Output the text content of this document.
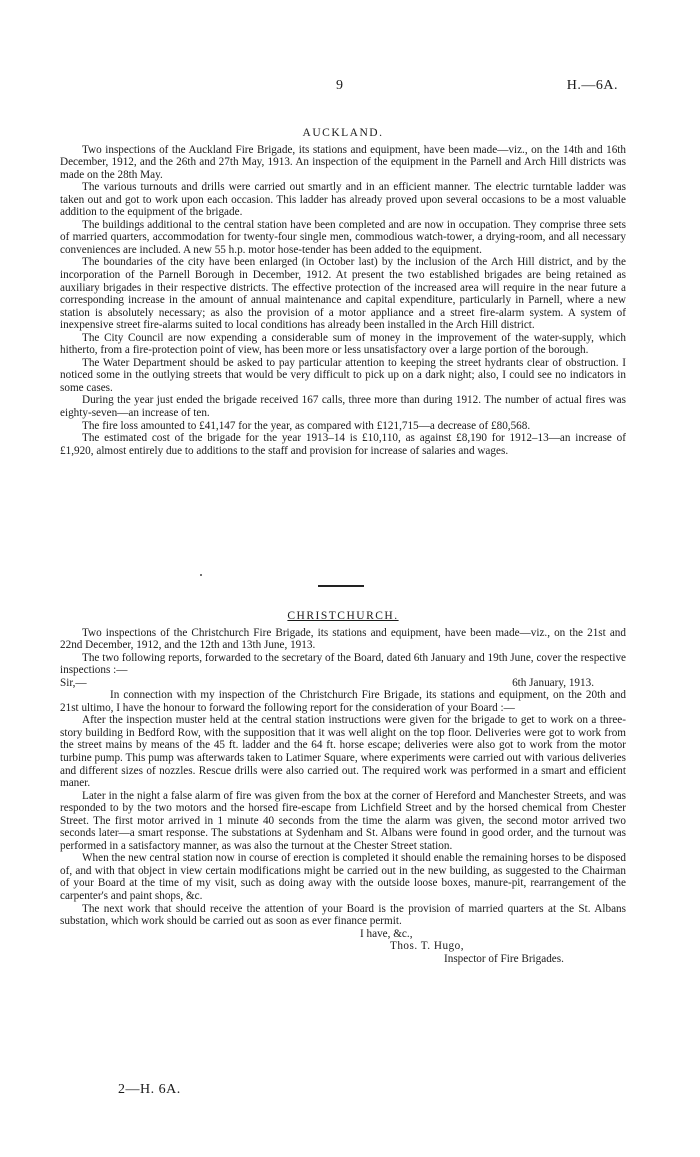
9	H.—6A.
AUCKLAND.

Two inspections of the Auckland Fire Brigade, its stations and equipment, have been made—viz., on the 14th and 16th December, 1912, and the 26th and 27th May, 1913. An inspection of the equipment in the Parnell and Arch Hill districts was made on the 28th May.

The various turnouts and drills were carried out smartly and in an efficient manner. The electric turntable ladder was taken out and got to work upon each occasion. This ladder has already proved upon several occasions to be a most valuable addition to the equipment of the brigade.

The buildings additional to the central station have been completed and are now in occupation. They comprise three sets of married quarters, accommodation for twenty-four single men, commodious watch-tower, a drying-room, and all necessary conveniences are included. A new 55 h.p. motor hose-tender has been added to the equipment.

The boundaries of the city have been enlarged (in October last) by the inclusion of the Arch Hill district, and by the incorporation of the Parnell Borough in December, 1912. At present the two established brigades are being retained as auxiliary brigades in their respective districts. The effective protection of the increased area will require in the near future a corresponding increase in the amount of annual maintenance and capital expenditure, particularly in Parnell, where a new station is absolutely necessary; as also the provision of a motor appliance and a street fire-alarm system. A system of inexpensive street fire-alarms suited to local conditions has already been installed in the Arch Hill district.

The City Council are now expending a considerable sum of money in the improvement of the water-supply, which hitherto, from a fire-protection point of view, has been more or less unsatisfactory over a large portion of the borough.

The Water Department should be asked to pay particular attention to keeping the street hydrants clear of obstruction. I noticed some in the outlying streets that would be very difficult to pick up on a dark night; also, I could see no indicators in some cases.

During the year just ended the brigade received 167 calls, three more than during 1912. The number of actual fires was eighty-seven—an increase of ten.

The fire loss amounted to £41,147 for the year, as compared with £121,715—a decrease of £80,568.

The estimated cost of the brigade for the year 1913–14 is £10,110, as against £8,190 for 1912–13—an increase of £1,920, almost entirely due to additions to the staff and provision for increase of salaries and wages.

CHRISTCHURCH.

Two inspections of the Christchurch Fire Brigade, its stations and equipment, have been made—viz., on the 21st and 22nd December, 1912, and the 12th and 13th June, 1913.

The two following reports, forwarded to the secretary of the Board, dated 6th January and 19th June, cover the respective inspections :—

Sir,—	6th January, 1913.

In connection with my inspection of the Christchurch Fire Brigade, its stations and equipment, on the 20th and 21st ultimo, I have the honour to forward the following report for the consideration of your Board :—

After the inspection muster held at the central station instructions were given for the brigade to get to work on a three-story building in Bedford Row, with the supposition that it was well alight on the top floor. Deliveries were got to work from the street mains by means of the 45 ft. ladder and the 64 ft. horse escape; deliveries were also got to work from the motor turbine pump. This pump was afterwards taken to Latimer Square, where experiments were carried out with various deliveries and different sizes of nozzles. Rescue drills were also carried out. The required work was performed in a smart and efficient maner.

Later in the night a false alarm of fire was given from the box at the corner of Hereford and Manchester Streets, and was responded to by the two motors and the horsed fire-escape from Lichfield Street and by the horsed chemical from Chester Street. The first motor arrived in 1 minute 40 seconds from the time the alarm was given, the second motor arrived two seconds later—a smart response. The substations at Sydenham and St. Albans were found in good order, and the turnout was performed in a satisfactory manner, as was also the turnout at the Chester Street station.

When the new central station now in course of erection is completed it should enable the remaining horses to be disposed of, and with that object in view certain modifications might be carried out in the new building, as suggested to the Chairman of your Board at the time of my visit, such as doing away with the outside loose boxes, manure-pit, rearrangement of the carpenter's and paint shops, &c.

The next work that should receive the attention of your Board is the provision of married quarters at the St. Albans substation, which work should be carried out as soon as ever finance permit.

I have, &c.,

Thos. T. Hugo,

Inspector of Fire Brigades.

2—H. 6A.
